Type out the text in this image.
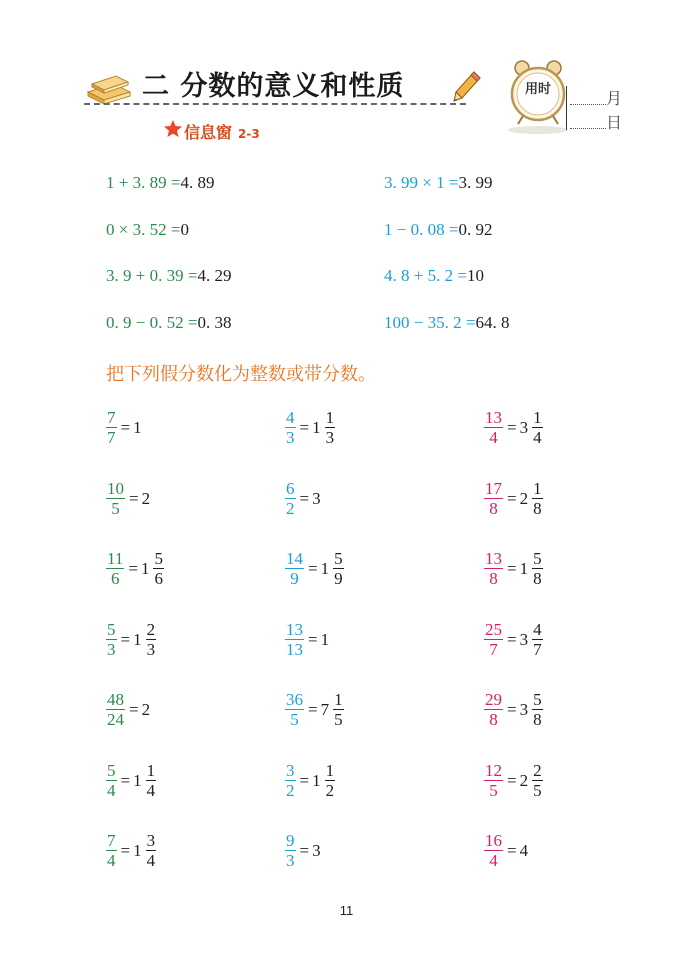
二 分数的意义和性质
信息窗 2-3
用时	月
日
1 + 3. 89 =4. 89	3. 99 × 1 =3. 99
0 × 3. 52 =0	1 − 0. 08 =0. 92
3. 9 + 0. 39 =4. 29	4. 8 + 5. 2 =10
0. 9 − 0. 52 =0. 38	100 − 35. 2 =64. 8
把下列假分数化为整数或带分数。
$\frac{7}{7} = 1$	$\frac{4}{3} = 1 \frac{1}{3}$	$\frac{13}{4} = 3 \frac{1}{4}$
$\frac{10}{5} = 2$	$\frac{6}{2} = 3$	$\frac{17}{8} = 2 \frac{1}{8}$
$\frac{11}{6} = 1 \frac{5}{6}$	$\frac{14}{9} = 1 \frac{5}{9}$	$\frac{13}{8} = 1 \frac{5}{8}$
$\frac{5}{3} = 1 \frac{2}{3}$	$\frac{13}{13} = 1$	$\frac{25}{7} = 3 \frac{4}{7}$
$\frac{48}{24} = 2$	$\frac{36}{5} = 7 \frac{1}{5}$	$\frac{29}{8} = 3 \frac{5}{8}$
$\frac{5}{4} = 1 \frac{1}{4}$	$\frac{3}{2} = 1 \frac{1}{2}$	$\frac{12}{5} = 2 \frac{2}{5}$
$\frac{7}{4} = 1 \frac{3}{4}$	$\frac{9}{3} = 3$	$\frac{16}{4} = 4$
11
